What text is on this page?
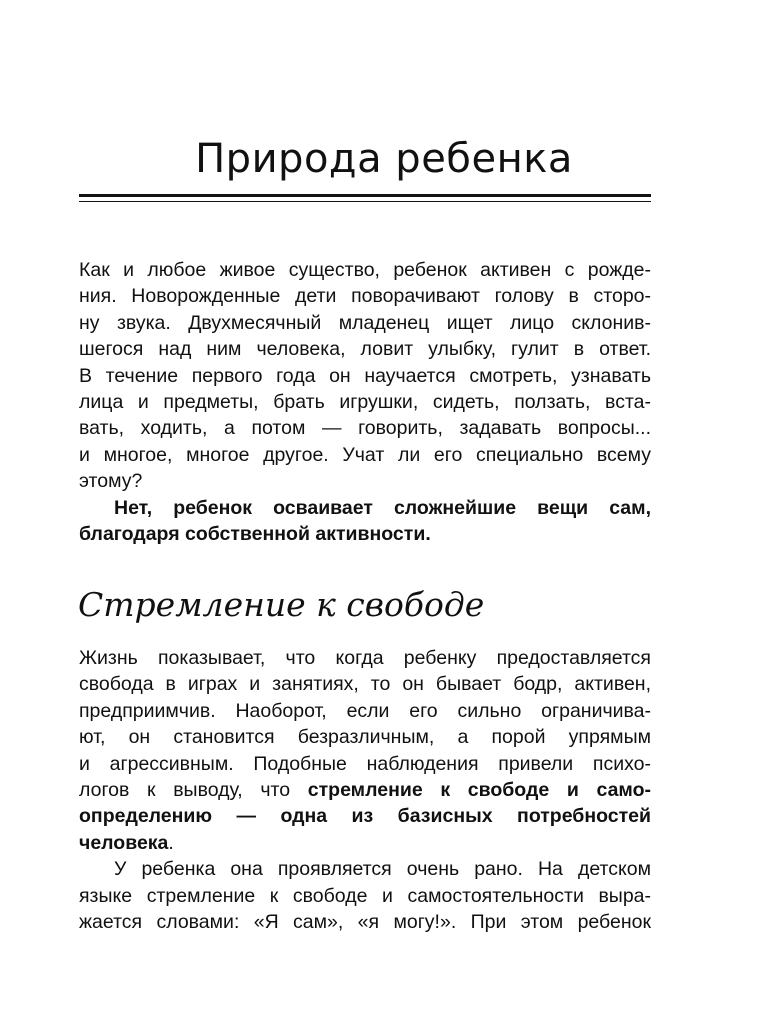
Природа ребенка
Как и любое живое существо, ребенок активен с рожде-
ния. Новорожденные дети поворачивают голову в сторо-
ну звука. Двухмесячный младенец ищет лицо склонив-
шегося над ним человека, ловит улыбку, гулит в ответ.
В течение первого года он научается смотреть, узнавать
лица и предметы, брать игрушки, сидеть, ползать, вста-
вать, ходить, а потом — говорить, задавать вопросы...
и многое, многое другое. Учат ли его специально всему
этому?
Нет, ребенок осваивает сложнейшие вещи сам,
благодаря собственной активности.
Стремление к свободе
Жизнь показывает, что когда ребенку предоставляется
свобода в играх и занятиях, то он бывает бодр, активен,
предприимчив. Наоборот, если его сильно ограничива-
ют, он становится безразличным, а порой упрямым
и агрессивным. Подобные наблюдения привели психо-
логов к выводу, что стремление к свободе и само-
определению — одна из базисных потребностей
человека.
У ребенка она проявляется очень рано. На детском
языке стремление к свободе и самостоятельности выра-
жается словами: «Я сам», «я могу!». При этом ребенок
